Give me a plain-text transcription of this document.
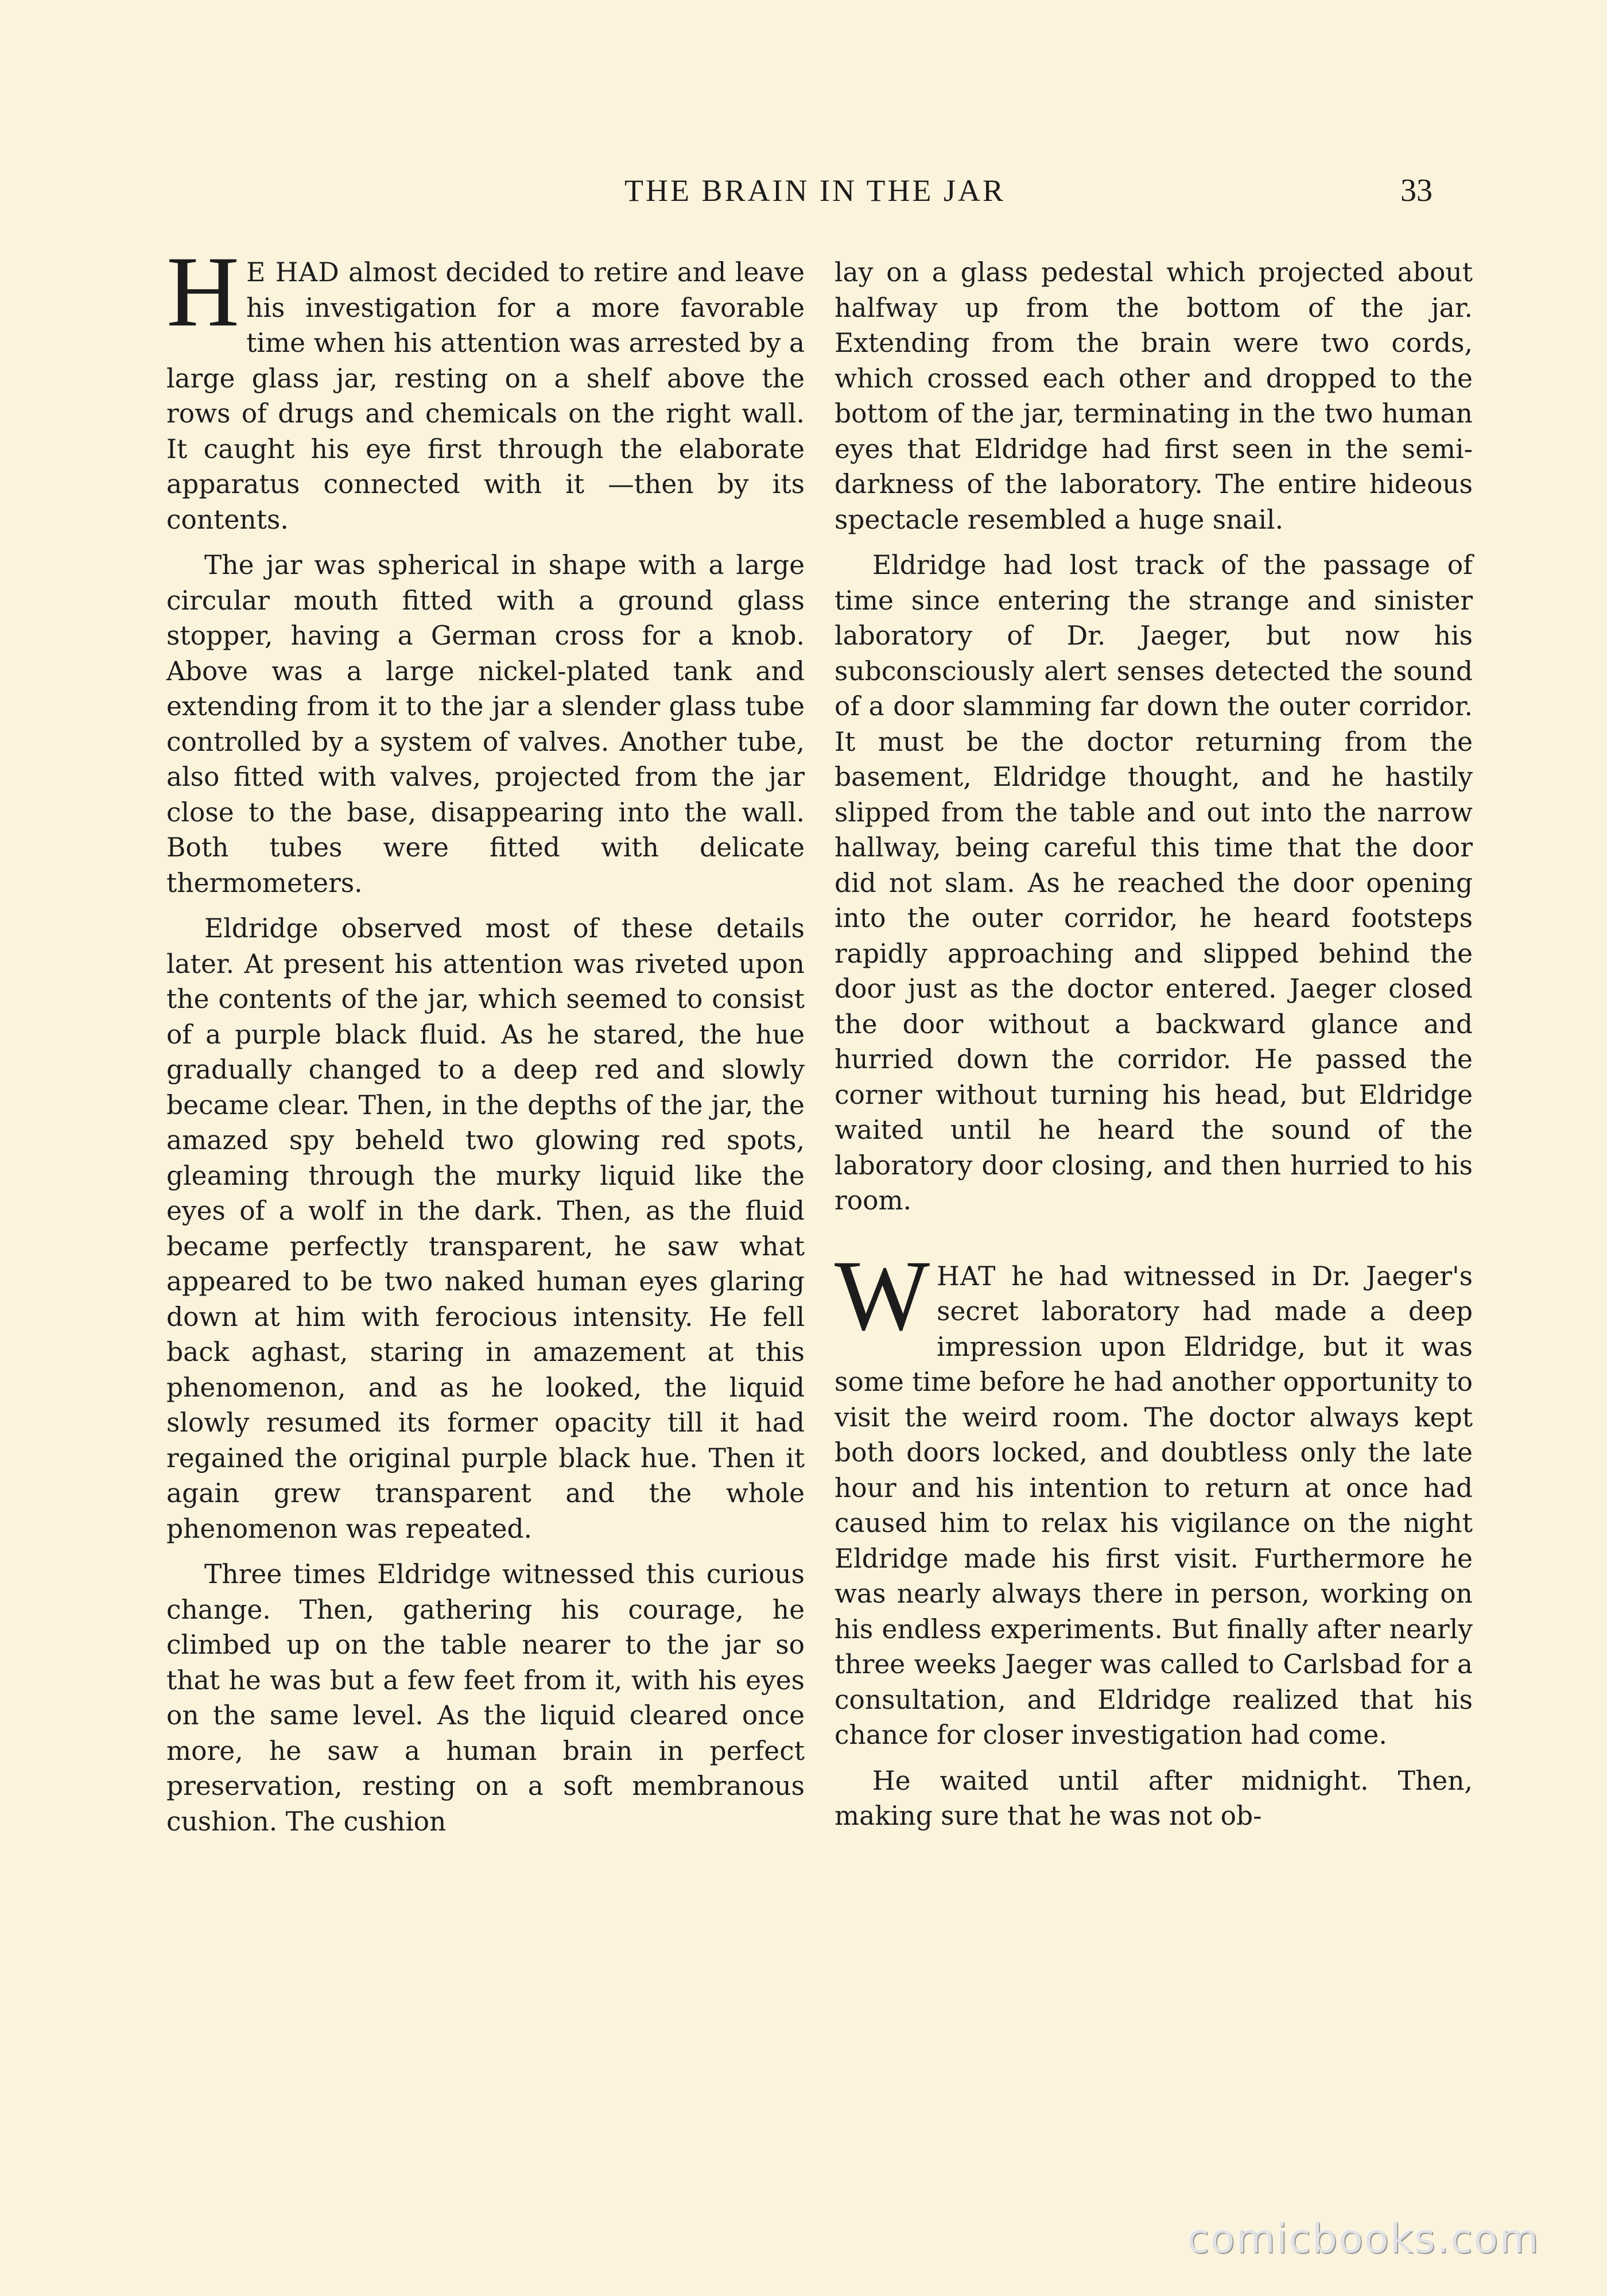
THE BRAIN IN THE JAR	33

H E HAD almost decided to retire and leave his investigation for a more favorable time when his attention was arrested by a large glass jar, resting on a shelf above the rows of drugs and chemicals on the right wall. It caught his eye first through the elaborate apparatus connected with it —then by its contents.

The jar was spherical in shape with a large circular mouth fitted with a ground glass stopper, having a German cross for a knob. Above was a large nickel-plated tank and extending from it to the jar a slender glass tube controlled by a system of valves. Another tube, also fitted with valves, projected from the jar close to the base, disappearing into the wall. Both tubes were fitted with delicate thermometers.

Eldridge observed most of these details later. At present his attention was riveted upon the contents of the jar, which seemed to consist of a purple black fluid. As he stared, the hue gradually changed to a deep red and slowly became clear. Then, in the depths of the jar, the amazed spy beheld two glowing red spots, gleaming through the murky liquid like the eyes of a wolf in the dark. Then, as the fluid became perfectly transparent, he saw what appeared to be two naked human eyes glaring down at him with ferocious intensity. He fell back aghast, staring in amazement at this phenomenon, and as he looked, the liquid slowly resumed its former opacity till it had regained the original purple black hue. Then it again grew transparent and the whole phenomenon was repeated.

Three times Eldridge witnessed this curious change. Then, gathering his courage, he climbed up on the table nearer to the jar so that he was but a few feet from it, with his eyes on the same level. As the liquid cleared once more, he saw a human brain in perfect preservation, resting on a soft membranous cushion. The cushion

lay on a glass pedestal which projected about halfway up from the bottom of the jar. Extending from the brain were two cords, which crossed each other and dropped to the bottom of the jar, terminating in the two human eyes that Eldridge had first seen in the semi-darkness of the laboratory. The entire hideous spectacle resembled a huge snail.

Eldridge had lost track of the passage of time since entering the strange and sinister laboratory of Dr. Jaeger, but now his subconsciously alert senses detected the sound of a door slamming far down the outer corridor. It must be the doctor returning from the basement, Eldridge thought, and he hastily slipped from the table and out into the narrow hallway, being careful this time that the door did not slam. As he reached the door opening into the outer corridor, he heard footsteps rapidly approaching and slipped behind the door just as the doctor entered. Jaeger closed the door without a backward glance and hurried down the corridor. He passed the corner without turning his head, but Eldridge waited until he heard the sound of the laboratory door closing, and then hurried to his room.

WHAT he had witnessed in Dr. Jaeger's secret laboratory had made a deep impression upon Eldridge, but it was some time before he had another opportunity to visit the weird room. The doctor always kept both doors locked, and doubtless only the late hour and his intention to return at once had caused him to relax his vigilance on the night Eldridge made his first visit. Furthermore he was nearly always there in person, working on his endless experiments. But finally after nearly three weeks Jaeger was called to Carlsbad for a consultation, and Eldridge realized that his chance for closer investigation had come.

He waited until after midnight. Then, making sure that he was not ob-

comicbooks.com
